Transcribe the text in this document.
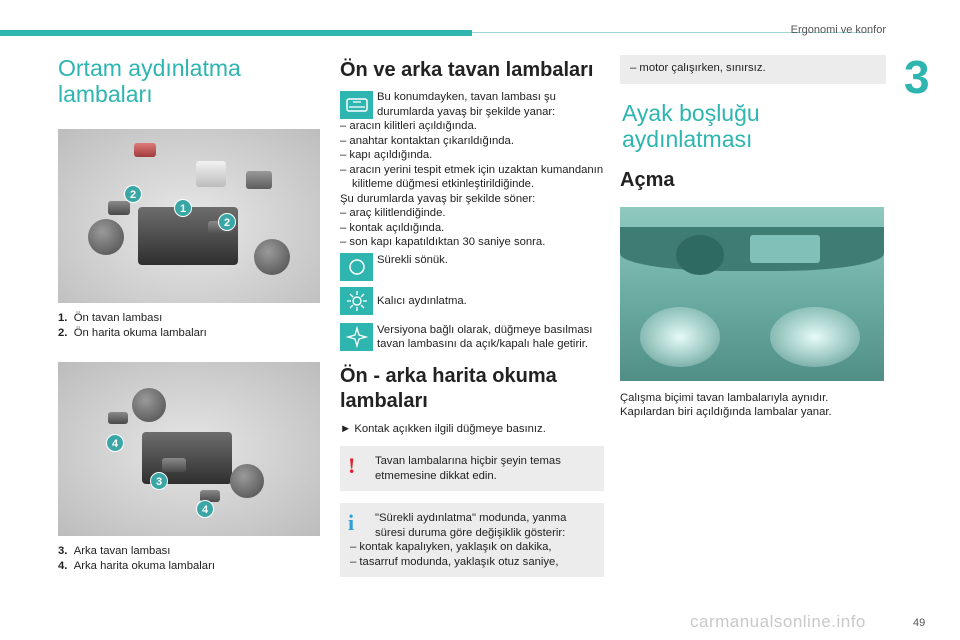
Ergonomi ve konfor
3
49
carmanualsonline.info
Ortam aydınlatma lambaları
2
1
2
1. Ön tavan lambası
2. Ön harita okuma lambaları
4
3
4
3. Arka tavan lambası
4. Arka harita okuma lambaları
Ön ve arka tavan lambaları
Bu konumdayken, tavan lambası şu durumlarda yavaş bir şekilde yanar:
– aracın kilitleri açıldığında.
– anahtar kontaktan çıkarıldığında.
– kapı açıldığında.
– aracın yerini tespit etmek için uzaktan kumandanın kilitleme düğmesi etkinleştirildiğinde.
Şu durumlarda yavaş bir şekilde söner:
– araç kilitlendiğinde.
– kontak açıldığında.
– son kapı kapatıldıktan 30 saniye sonra.
Sürekli sönük.
Kalıcı aydınlatma.
Versiyona bağlı olarak, düğmeye basılması tavan lambasını da açık/kapalı hale getirir.
Ön - arka harita okuma lambaları
► Kontak açıkken ilgili düğmeye basınız.
! Tavan lambalarına hiçbir şeyin temas etmemesine dikkat edin.
i	"Sürekli aydınlatma" modunda, yanma süresi duruma göre değişiklik gösterir:
– kontak kapalıyken, yaklaşık on dakika,
– tasarruf modunda, yaklaşık otuz saniye,
– motor çalışırken, sınırsız.
Ayak boşluğu aydınlatması
Açma
Çalışma biçimi tavan lambalarıyla aynıdır. Kapılardan biri açıldığında lambalar yanar.
